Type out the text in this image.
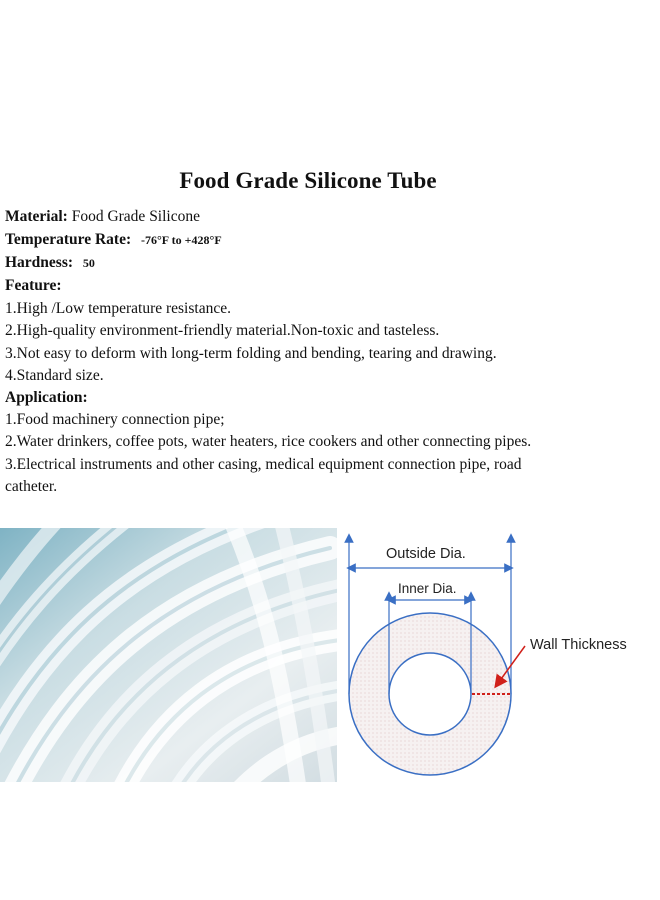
Food Grade Silicone Tube
Material: Food Grade Silicone
Temperature Rate: -76°F to +428°F
Hardness: 50
Feature:
1.High /Low temperature resistance.
2.High-quality environment-friendly material.Non-toxic and tasteless.
3.Not easy to deform with long-term folding and bending, tearing and drawing.
4.Standard size.
Application:
1.Food machinery connection pipe;
2.Water drinkers, coffee pots, water heaters, rice cookers and other connecting pipes.
3.Electrical instruments and other casing, medical equipment connection pipe, road
catheter.
Outside Dia.
Inner Dia.
Wall Thickness
